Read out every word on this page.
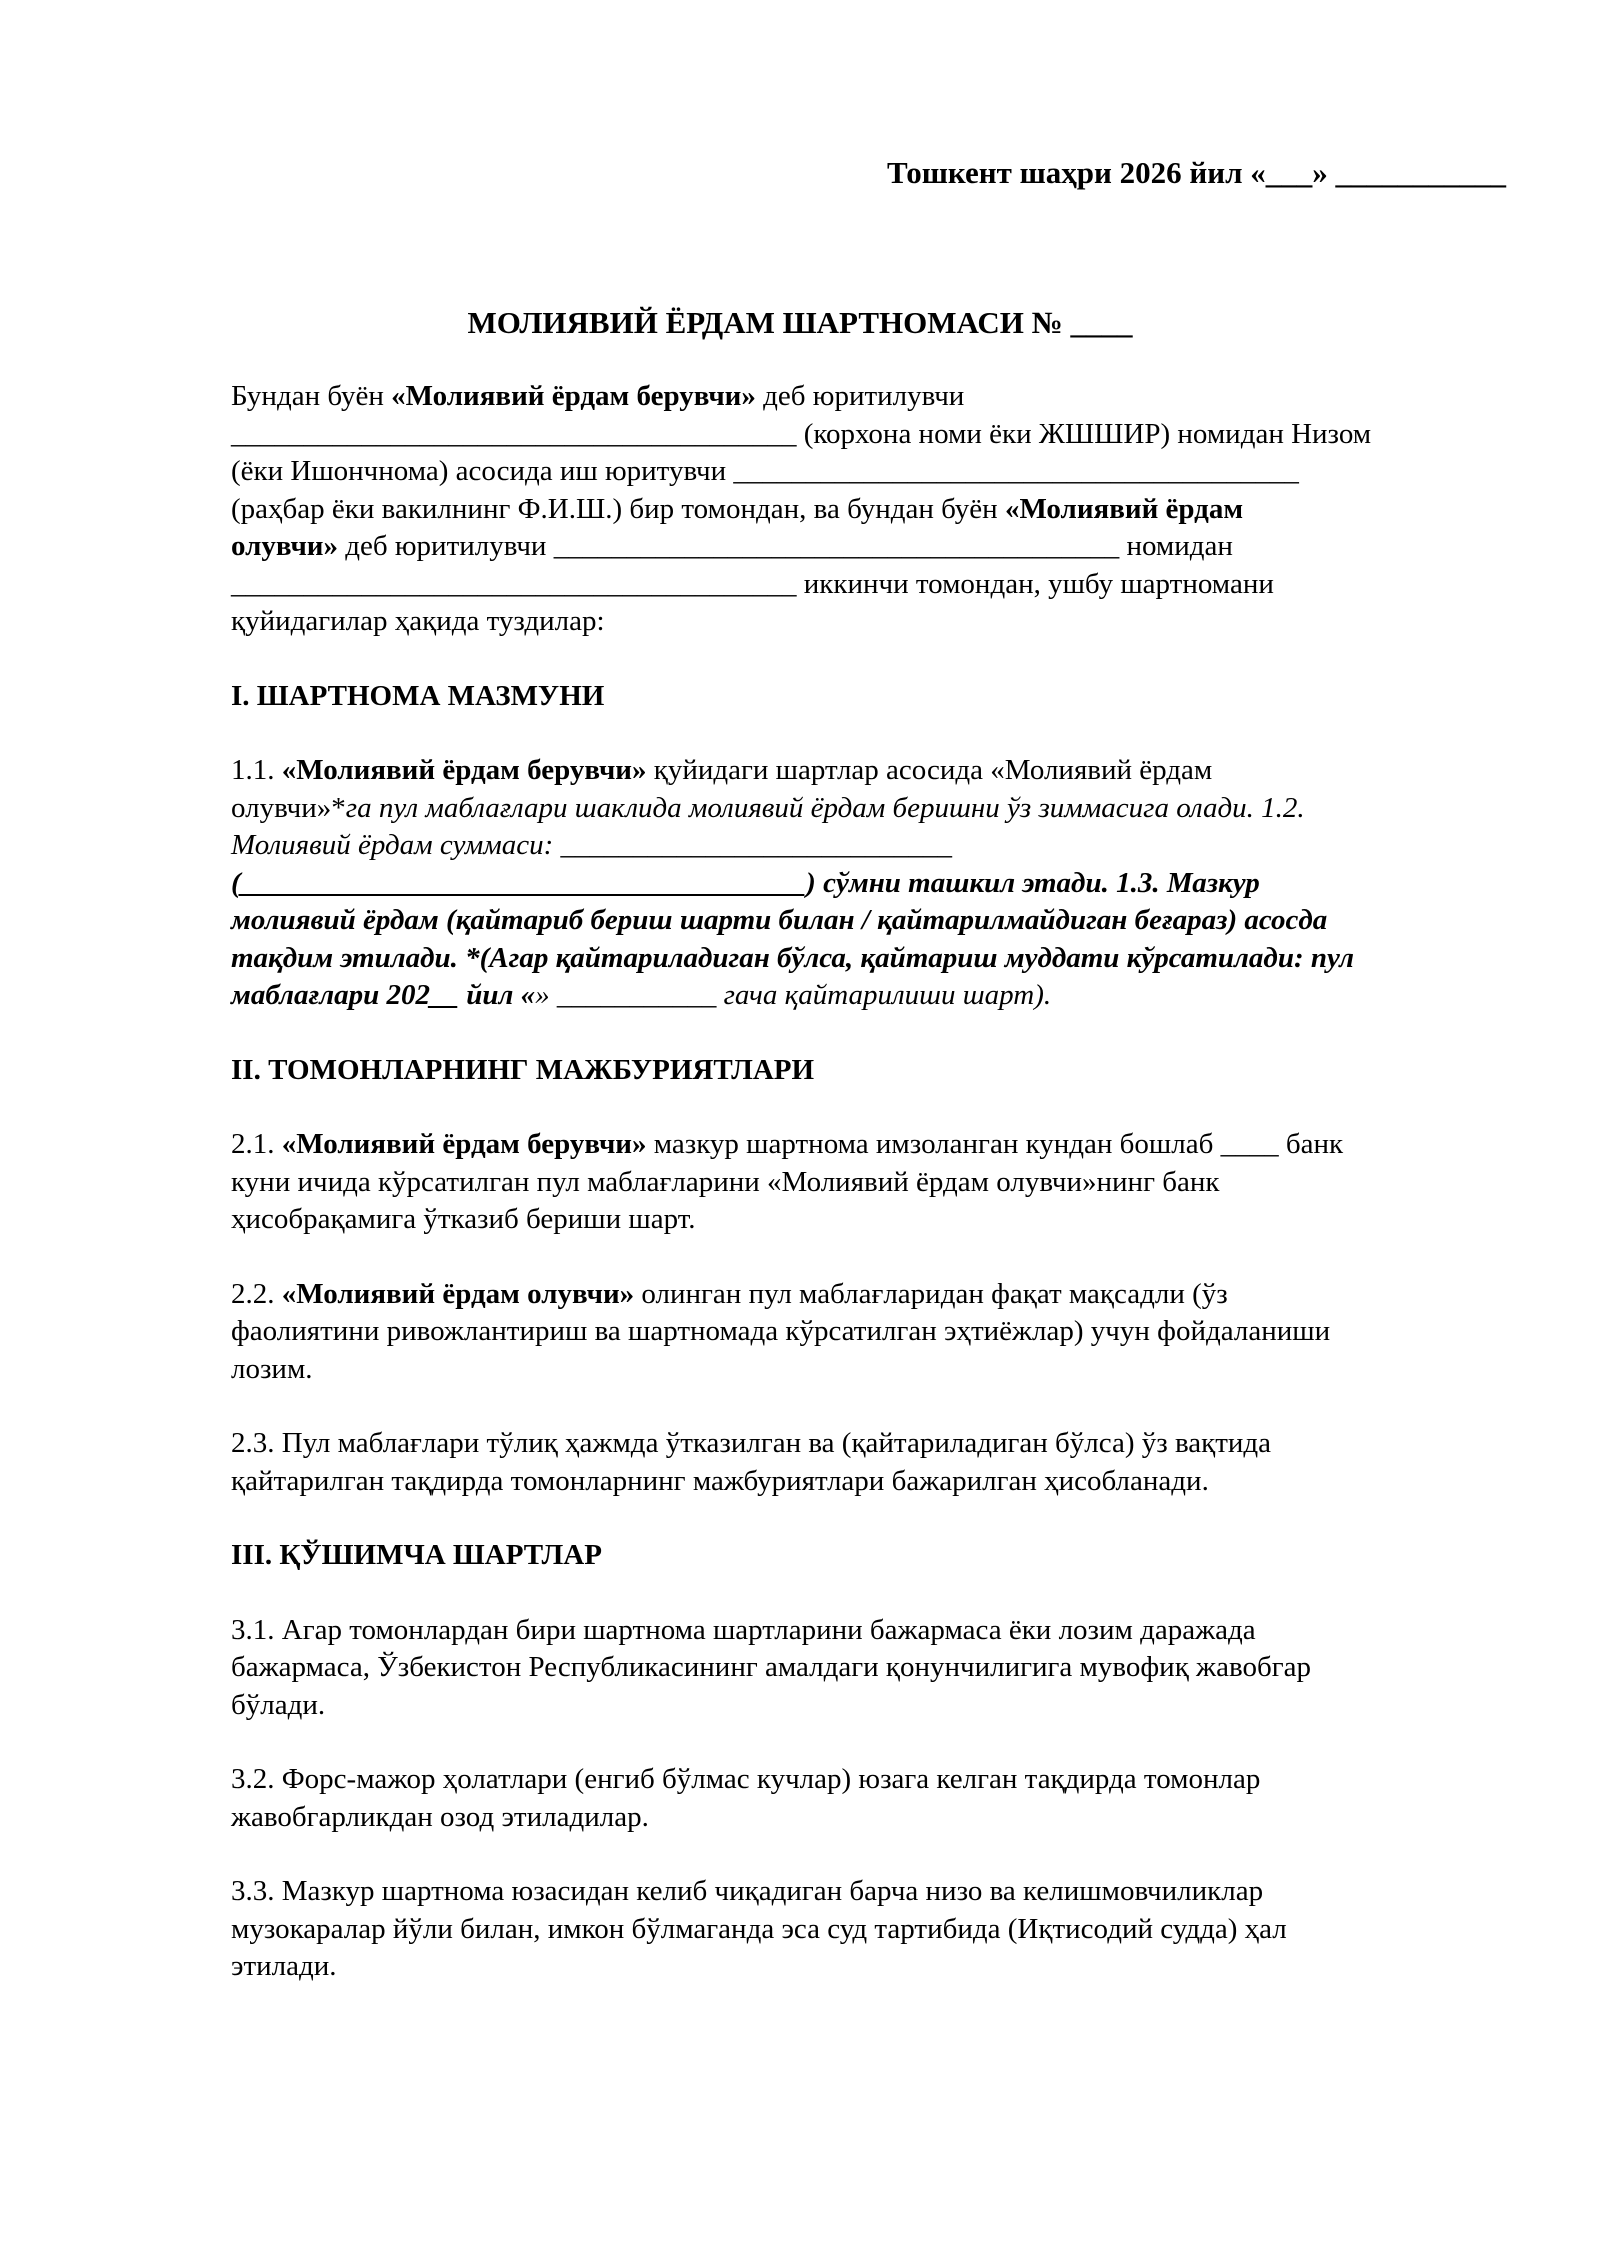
Тошкент шаҳри 2026 йил «___» ___________
МОЛИЯВИЙ ЁРДАМ ШАРТНОМАСИ № ____
Бундан буён «Молиявий ёрдам берувчи» деб юритилувчи
_______________________________________ (корхона номи ёки ЖШШИР) номидан Низом
(ёки Ишончнома) асосида иш юритувчи _______________________________________
(раҳбар ёки вакилнинг Ф.И.Ш.) бир томондан, ва бундан буён «Молиявий ёрдам
олувчи» деб юритилувчи _______________________________________ номидан
_______________________________________ иккинчи томондан, ушбу шартномани
қуйидагилар ҳақида туздилар:

I. ШАРТНОМА МАЗМУНИ

1.1. «Молиявий ёрдам берувчи» қуйидаги шартлар асосида «Молиявий ёрдам
олувчи»*га пул маблағлари шаклида молиявий ёрдам беришни ўз зиммасига олади. 1.2.
Молиявий ёрдам суммаси: ___________________________
(_______________________________________) сўмни ташкил этади. 1.3. Мазкур
молиявий ёрдам (қайтариб бериш шарти билан / қайтарилмайдиган беғараз) асосда
тақдим этилади. *(Агар қайтариладиган бўлса, қайтариш муддати кўрсатилади: пул
маблағлари 202__ йил «» ___________ гача қайтарилиши шарт).

II. ТОМОНЛАРНИНГ МАЖБУРИЯТЛАРИ

2.1. «Молиявий ёрдам берувчи» мазкур шартнома имзоланган кундан бошлаб ____ банк
куни ичида кўрсатилган пул маблағларини «Молиявий ёрдам олувчи»нинг банк
ҳисобрақамига ўтказиб бериши шарт.
2.2. «Молиявий ёрдам олувчи» олинган пул маблағларидан фақат мақсадли (ўз
фаолиятини ривожлантириш ва шартномада кўрсатилган эҳтиёжлар) учун фойдаланиши
лозим.
2.3. Пул маблағлари тўлиқ ҳажмда ўтказилган ва (қайтариладиган бўлса) ўз вақтида
қайтарилган тақдирда томонларнинг мажбуриятлари бажарилган ҳисобланади.

III. ҚЎШИМЧА ШАРТЛАР

3.1. Агар томонлардан бири шартнома шартларини бажармаса ёки лозим даражада
бажармаса, Ўзбекистон Республикасининг амалдаги қонунчилигига мувофиқ жавобгар
бўлади.
3.2. Форс-мажор ҳолатлари (енгиб бўлмас кучлар) юзага келган тақдирда томонлар
жавобгарликдан озод этиладилар.
3.3. Мазкур шартнома юзасидан келиб чиқадиган барча низо ва келишмовчиликлар
музокаралар йўли билан, имкон бўлмаганда эса суд тартибида (Иқтисодий судда) ҳал
этилади.
